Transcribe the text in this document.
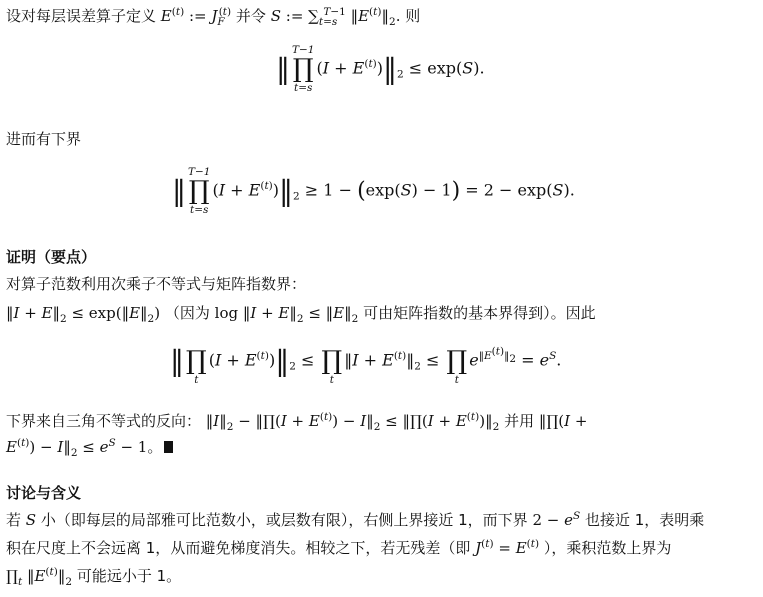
设对每层误差算子定义 $E^{(t)}$ := $J_F^{(t)}$ 并令 S := $\sum_{t=s}^{T-1}$ $‖E^{(t)}‖_2$. 则
‖
T−1
∏
t=s
$(I + E^{(t)})‖_2 \le \exp(S)$.
进而有下界
‖
T−1
∏
t=s
$(I + E^{(t)})‖_2 \ge 1 - (\exp(S) - 1) = 2 - \exp(S)$.
证明（要点）
对算子范数利用次乘子不等式与矩阵指数界：
‖I + $E‖_2$ ≤ $\exp(‖E‖_2)$ （因为 log ‖I + $E‖_2$ ≤ $‖E‖_2$ 可由矩阵指数的基本界得到）。因此
‖
∏
t
$(I + E^{(t)})‖_2$ ≤
∏
t
‖I + $E^{(t)}‖_2$ ≤
∏
t
$e^{‖E^{(t)}‖_2} = e^S$.
下界来自三角不等式的反向： $‖I‖_2$ − ‖∏(I + $E^{(t)}$) − $I‖_2$ ≤ ‖∏(I + $E^{(t)})‖_2$ 并用 ‖∏(I +
$E^{(t)}$) − $I‖_2 \le e^S - 1$。
讨论与含义
若 S 小（即每层的局部雅可比范数小，或层数有限），右侧上界接近 1，而下界 $2 - e^S$ 也接近 1，表明乘
积在尺度上不会远离 1，从而避免梯度消失。相较之下，若无残差（即 $J^{(t)} = E^{(t)}$ ），乘积范数上界为
$\prod_t$ $‖E^{(t)}‖_2$ 可能远小于 1。
